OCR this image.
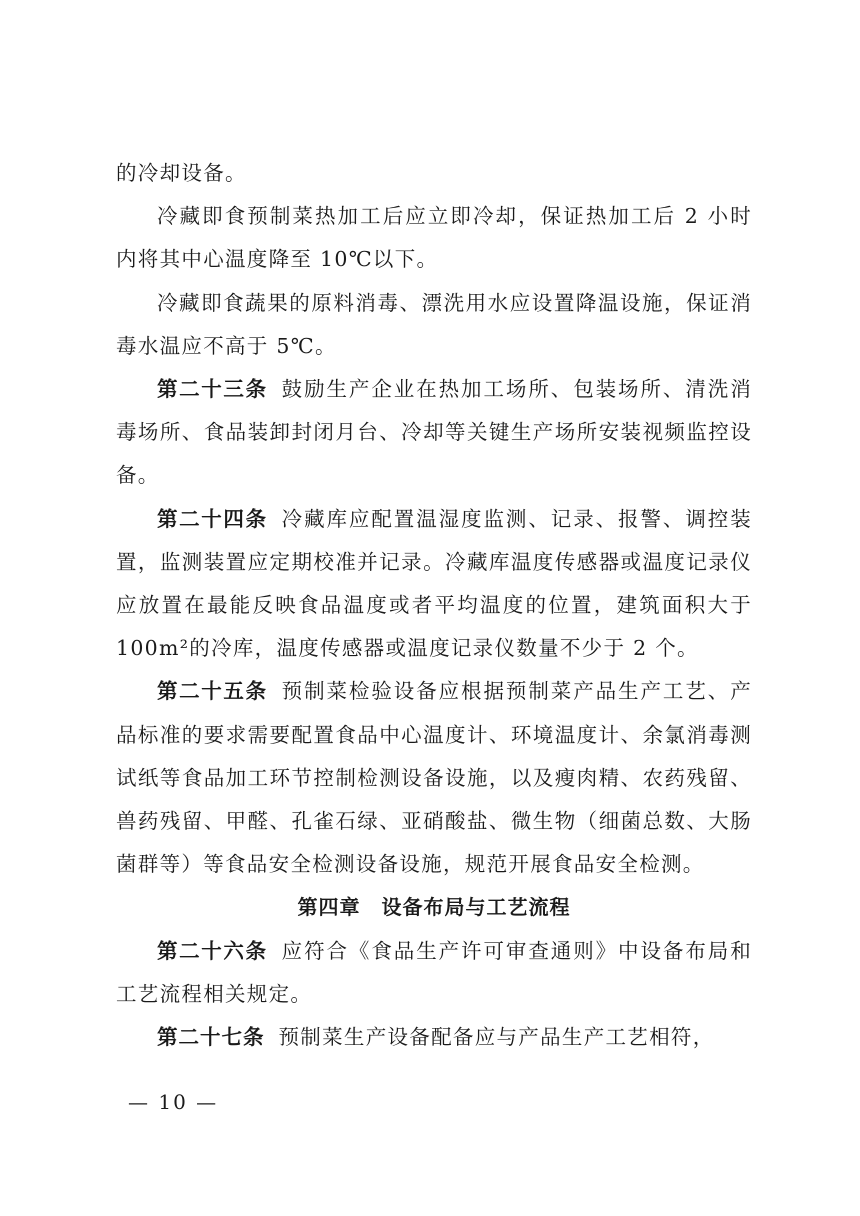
的冷却设备。

冷藏即食预制菜热加工后应立即冷却，保证热加工后 2 小时内将其中心温度降至 10℃以下。

冷藏即食蔬果的原料消毒、漂洗用水应设置降温设施，保证消毒水温应不高于 5℃。

第二十三条 鼓励生产企业在热加工场所、包装场所、清洗消毒场所、食品装卸封闭月台、冷却等关键生产场所安装视频监控设备。

第二十四条 冷藏库应配置温湿度监测、记录、报警、调控装置，监测装置应定期校准并记录。冷藏库温度传感器或温度记录仪应放置在最能反映食品温度或者平均温度的位置，建筑面积大于 100m²的冷库，温度传感器或温度记录仪数量不少于 2 个。

第二十五条 预制菜检验设备应根据预制菜产品生产工艺、产品标准的要求需要配置食品中心温度计、环境温度计、余氯消毒测试纸等食品加工环节控制检测设备设施，以及瘦肉精、农药残留、兽药残留、甲醛、孔雀石绿、亚硝酸盐、微生物（细菌总数、大肠菌群等）等食品安全检测设备设施，规范开展食品安全检测。

第四章　设备布局与工艺流程

第二十六条 应符合《食品生产许可审查通则》中设备布局和工艺流程相关规定。

第二十七条 预制菜生产设备配备应与产品生产工艺相符，

— 10 —
